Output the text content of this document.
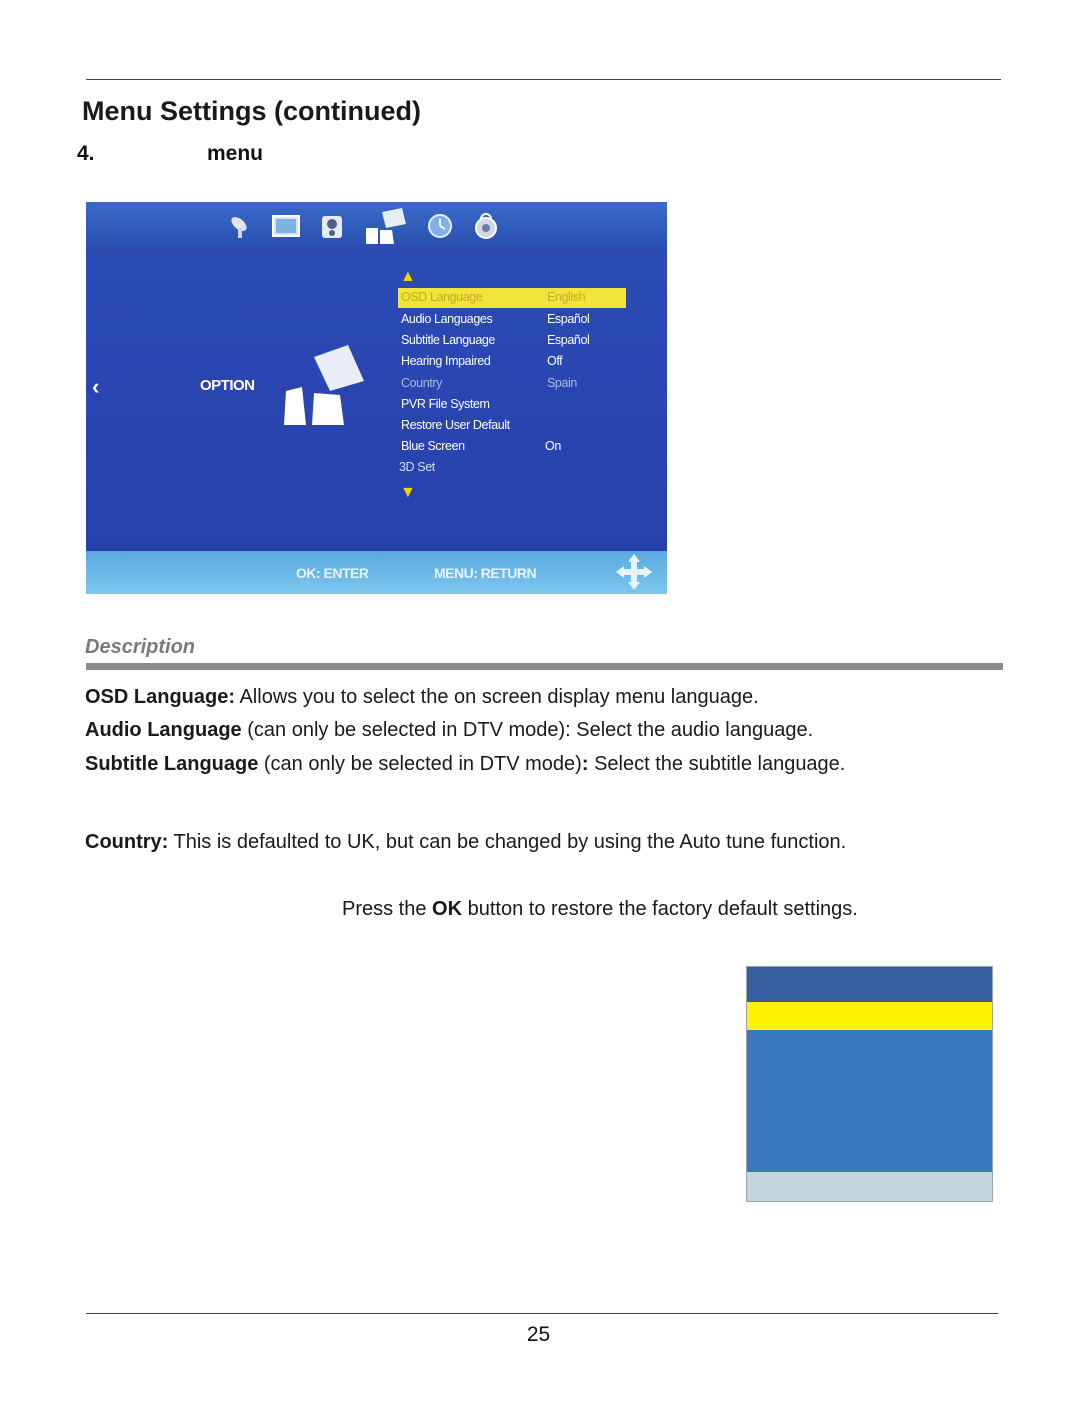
Menu Settings (continued)
4.	menu
‹	OPTION
▲
OSD Language	English
Audio Languages	Español
Subtitle Language	Español
Hearing Impaired	Off
Country	Spain
PVR File System
Restore User Default
Blue Screen	On
3D Set
▼
OK: ENTER	MENU: RETURN
Description
OSD Language: Allows you to select the on screen display menu language.
Audio Language (can only be selected in DTV mode): Select the audio language.
Subtitle Language (can only be selected in DTV mode): Select the subtitle language.
Country: This is defaulted to UK, but can be changed by using the Auto tune function.
Press the OK button to restore the factory default settings.
25
